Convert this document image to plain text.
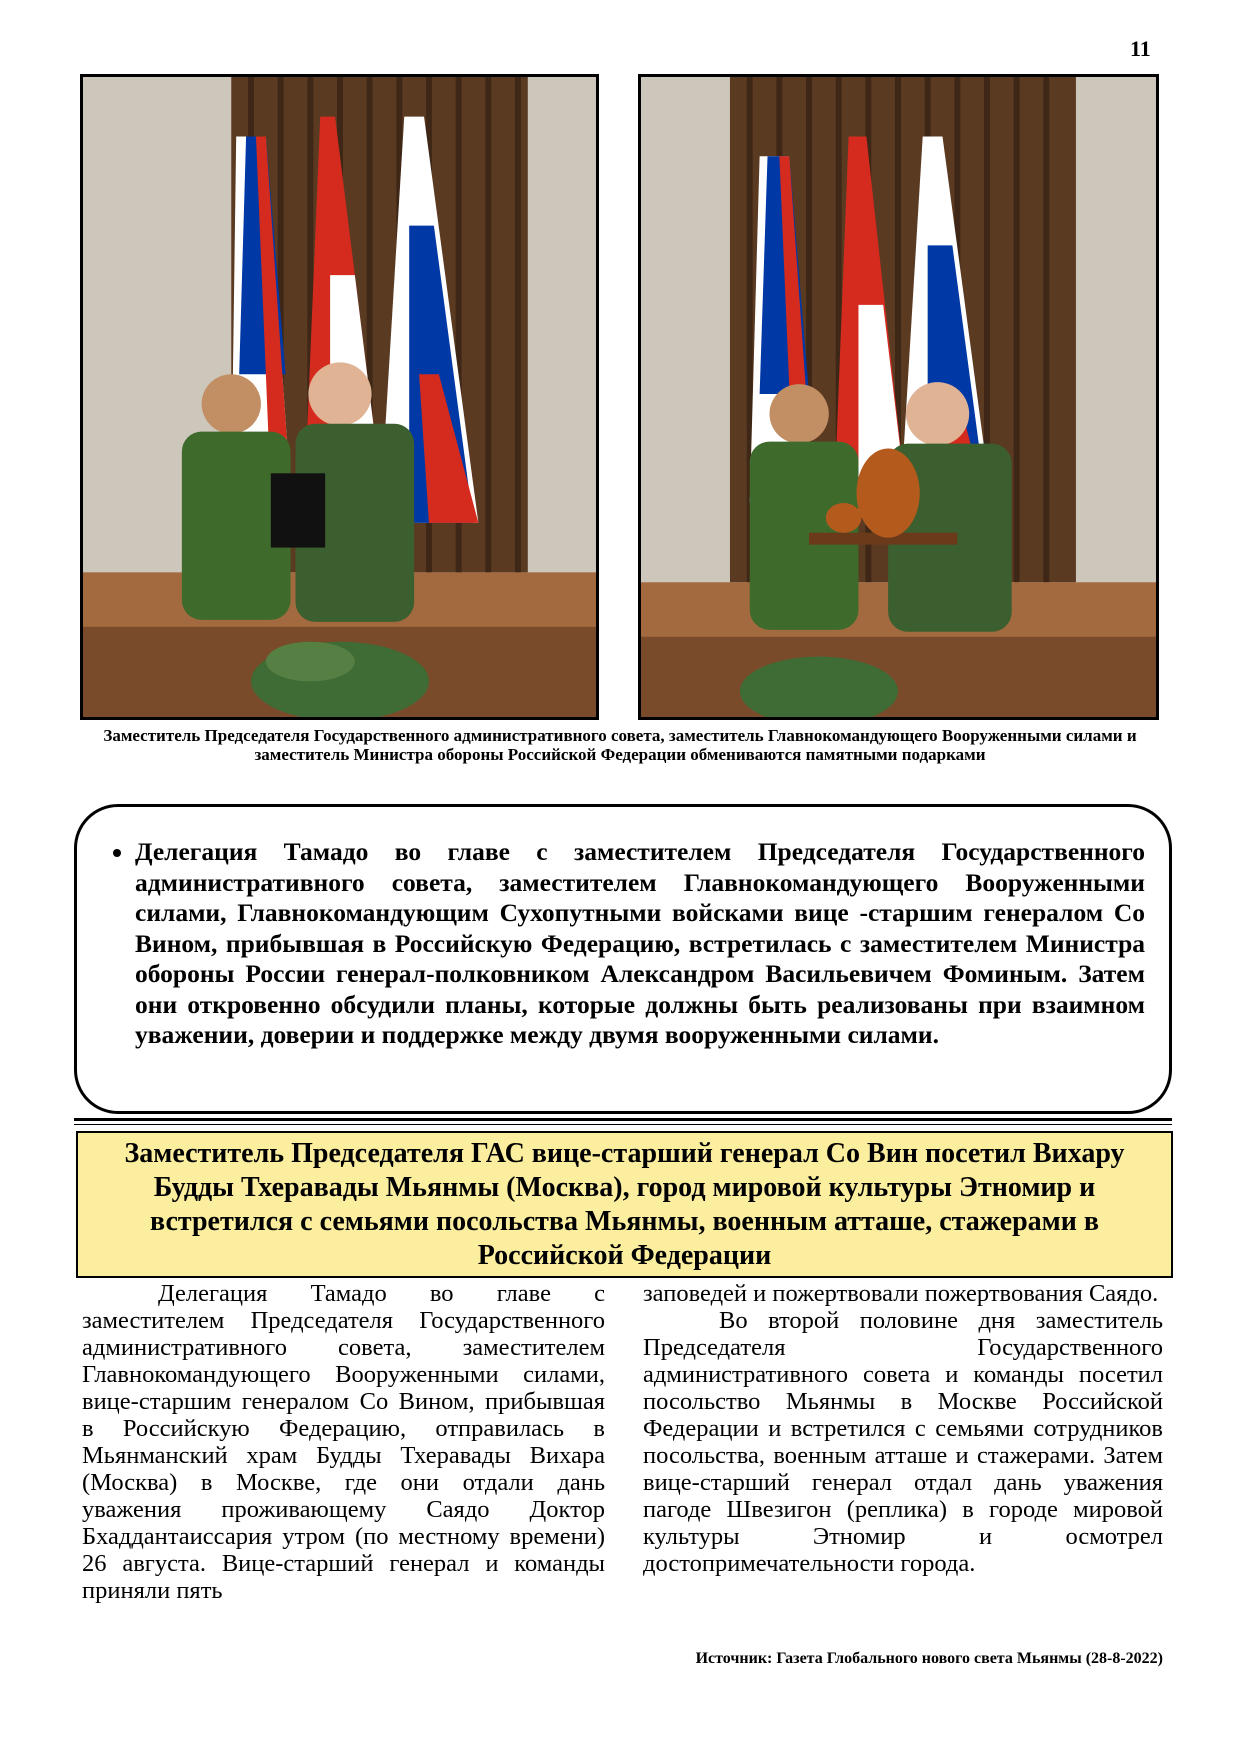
11
Заместитель Председателя Государственного административного совета, заместитель Главнокомандующего Вооруженными силами и заместитель Министра обороны Российской Федерации обмениваются памятными подарками
• Делегация Тамадо во главе с заместителем Председателя Государственного административного совета, заместителем Главнокомандующего Вооруженными силами, Главнокомандующим Сухопутными войсками вице -старшим генералом Со Вином, прибывшая в Российскую Федерацию, встретилась с заместителем Министра обороны России генерал-полковником Александром Васильевичем Фоминым. Затем они откровенно обсудили планы, которые должны быть реализованы при взаимном уважении, доверии и поддержке между двумя вооруженными силами.
Заместитель Председателя ГАС вице-старший генерал Со Вин посетил Вихару Будды Тхеравады Мьянмы (Москва), город мировой культуры Этномир и встретился с семьями посольства Мьянмы, военным атташе, стажерами в Российской Федерации

Делегация Тамадо во главе с заместителем Председателя Государственного административного совета, заместителем Главнокомандующего Вооруженными силами, вице-старшим генералом Со Вином, прибывшая в Российскую Федерацию, отправилась в Мьянманский храм Будды Тхеравады Вихара (Москва) в Москве, где они отдали дань уважения проживающему Саядо Доктор Бхаддантаиссария утром (по местному времени) 26 августа. Вице-старший генерал и команды приняли пять

заповедей и пожертвовали пожертвования Саядо.

Во второй половине дня заместитель Председателя Государственного административного совета и команды посетил посольство Мьянмы в Москве Российской Федерации и встретился с семьями сотрудников посольства, военным атташе и стажерами. Затем вице-старший генерал отдал дань уважения пагоде Швезигон (реплика) в городе мировой культуры Этномир и осмотрел достопримечательности города.

Источник: Газета Глобального нового света Мьянмы (28-8-2022)
